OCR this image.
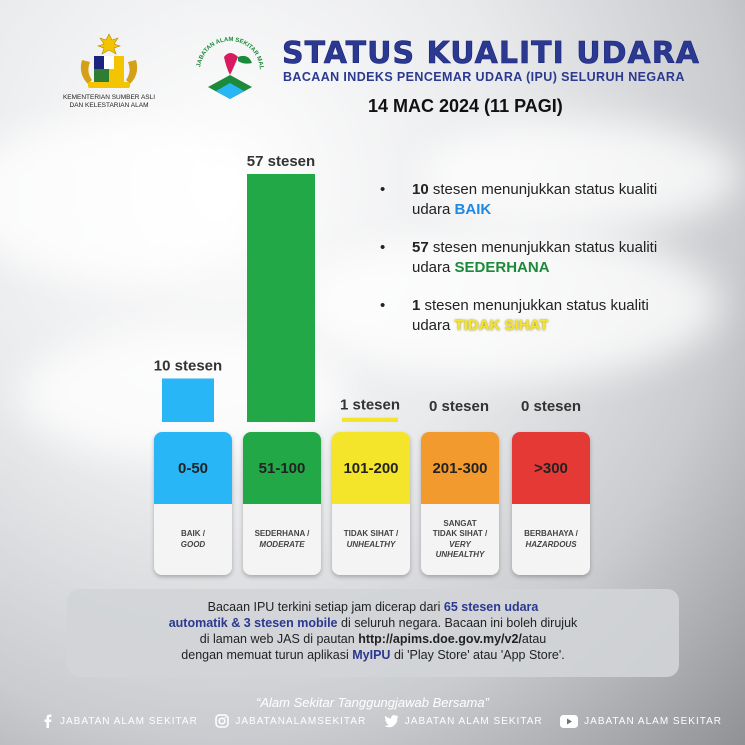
KEMENTERIAN SUMBER ASLI DAN KELESTARIAN ALAM
JABATAN ALAM SEKITAR MAL STATUS KUALITI UDARA
BACAAN INDEKS PENCEMAR UDARA (IPU) SELURUH NEGARA
14 MAC 2024 (11 PAGI)
10 stesen
57 stesen
1 stesen 0 stesen 0 stesen
• 10 stesen menunjukkan status kualiti udara BAIK
• 57 stesen menunjukkan status kualiti udara SEDERHANA
• 1 stesen menunjukkan status kualiti udara TIDAK SIHAT
0-50
BAIK /
GOOD
51-100
SEDERHANA /
MODERATE
101-200
TIDAK SIHAT /
UNHEALTHY
201-300
SANGAT
TIDAK SIHAT /
VERY
UNHEALTHY
>300
BERBAHAYA /
HAZARDOUS
Bacaan IPU terkini setiap jam dicerap dari 65 stesen udara
automatik & 3 stesen mobile di seluruh negara. Bacaan ini boleh dirujuk
di laman web JAS di pautan http://apims.doe.gov.my/v2/atau
dengan memuat turun aplikasi MyIPU di 'Play Store' atau 'App Store'.
“Alam Sekitar Tanggungjawab Bersama”
JABATAN ALAM SEKITAR	JABATANALAMSEKITAR	JABATAN ALAM SEKITAR	JABATAN ALAM SEKITAR
